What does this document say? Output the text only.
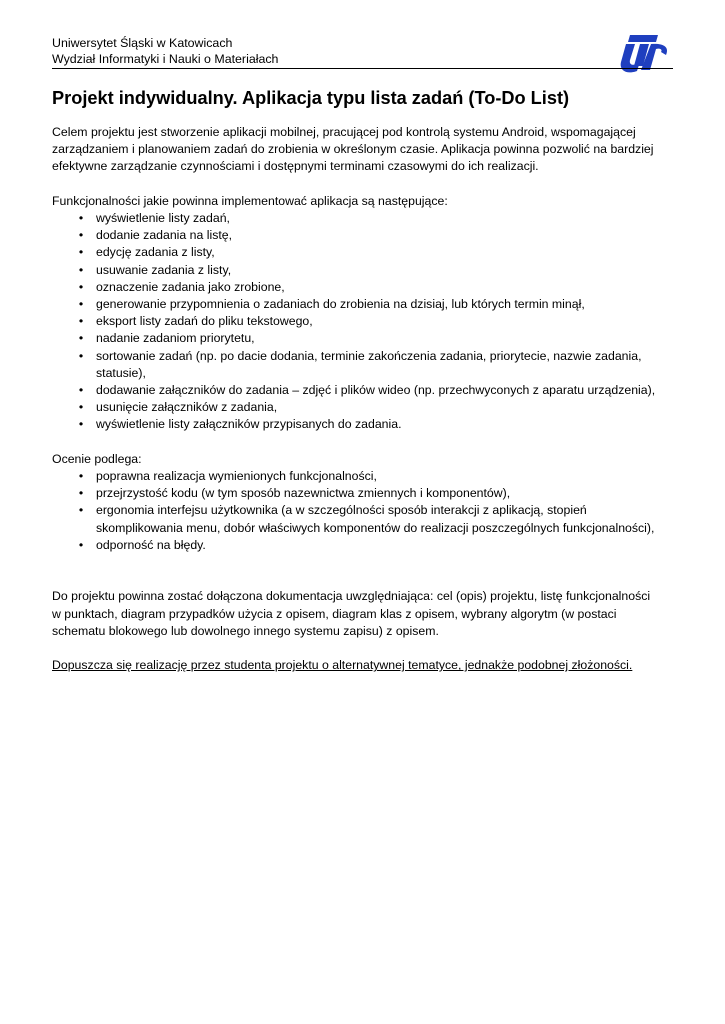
Uniwersytet Śląski w Katowicach
Wydział Informatyki i Nauki o Materiałach
Projekt indywidualny. Aplikacja typu lista zadań (To-Do List)

Celem projektu jest stworzenie aplikacji mobilnej, pracującej pod kontrolą systemu Android, wspomagającej zarządzaniem i planowaniem zadań do zrobienia w określonym czasie. Aplikacja powinna pozwolić na bardziej efektywne zarządzanie czynnościami i dostępnymi terminami czasowymi do ich realizacji.

Funkcjonalności jakie powinna implementować aplikacja są następujące:

• wyświetlenie listy zadań,
• dodanie zadania na listę,
• edycję zadania z listy,
• usuwanie zadania z listy,
• oznaczenie zadania jako zrobione,
• generowanie przypomnienia o zadaniach do zrobienia na dzisiaj, lub których termin minął,
• eksport listy zadań do pliku tekstowego,
• nadanie zadaniom priorytetu,
• sortowanie zadań (np. po dacie dodania, terminie zakończenia zadania, priorytecie, nazwie zadania, statusie),
• dodawanie załączników do zadania – zdjęć i plików wideo (np. przechwyconych z aparatu urządzenia),
• usunięcie załączników z zadania,
• wyświetlenie listy załączników przypisanych do zadania.

Ocenie podlega:

• poprawna realizacja wymienionych funkcjonalności,
• przejrzystość kodu (w tym sposób nazewnictwa zmiennych i komponentów),
• ergonomia interfejsu użytkownika (a w szczególności sposób interakcji z aplikacją, stopień skomplikowania menu, dobór właściwych komponentów do realizacji poszczególnych funkcjonalności),
• odporność na błędy.

Do projektu powinna zostać dołączona dokumentacja uwzględniająca: cel (opis) projektu, listę funkcjonalności w punktach, diagram przypadków użycia z opisem, diagram klas z opisem, wybrany algorytm (w postaci schematu blokowego lub dowolnego innego systemu zapisu) z opisem.

Dopuszcza się realizację przez studenta projektu o alternatywnej tematyce, jednakże podobnej złożoności.
